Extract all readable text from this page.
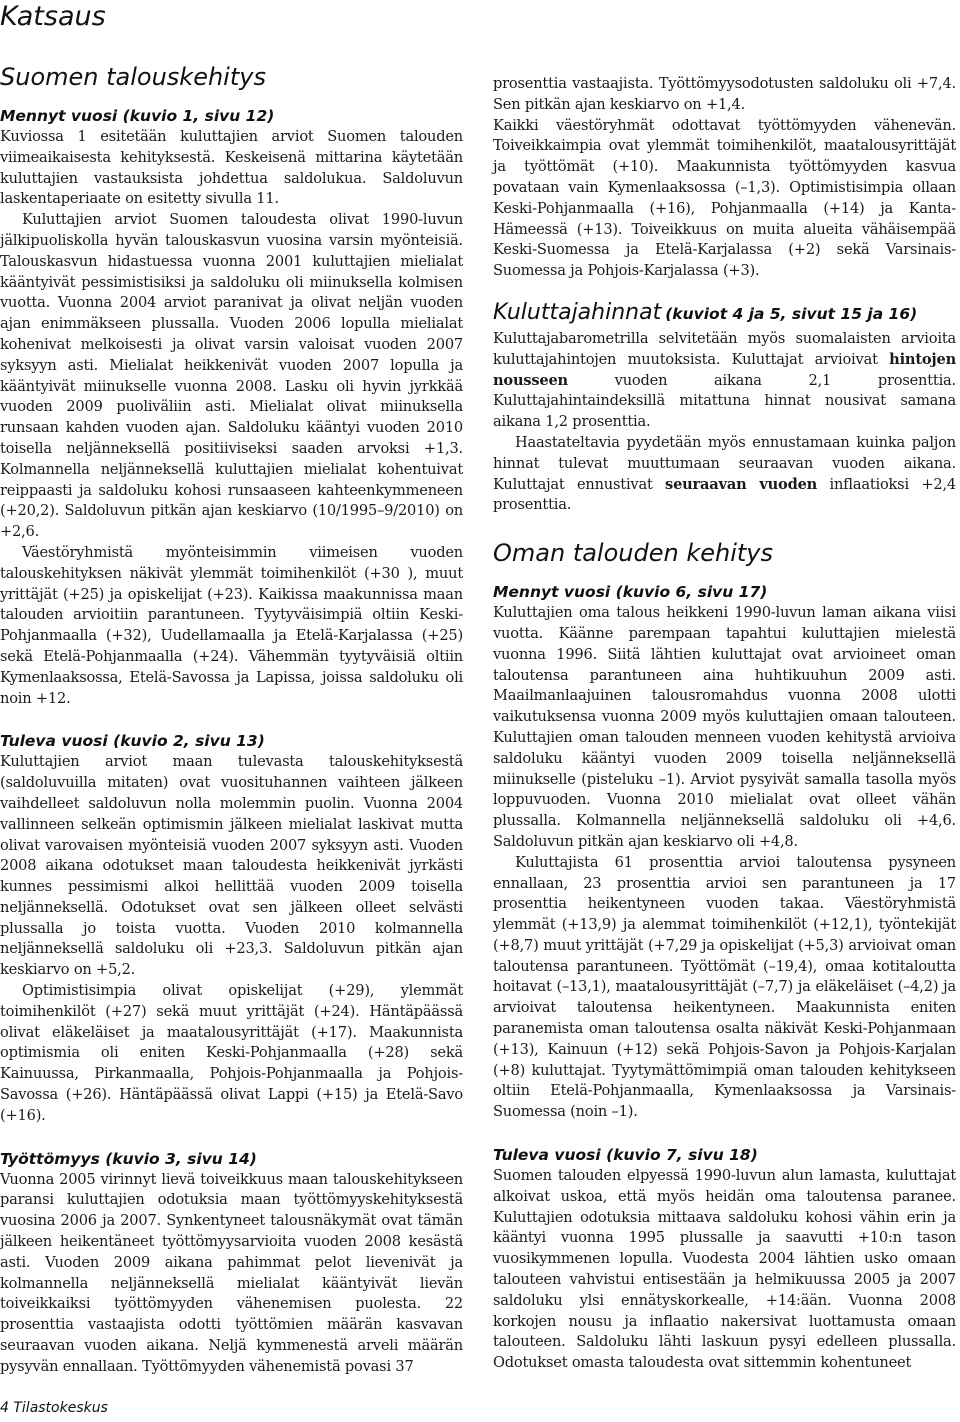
Katsaus
Suomen talouskehitys
Mennyt vuosi (kuvio 1, sivu 12)

Kuviossa 1 esitetään kuluttajien arviot Suomen talouden viimeaikaisesta kehityksestä. Keskeisenä mittarina käytetään kuluttajien vastauksista johdettua saldolukua. Saldoluvun laskentaperiaate on esitetty sivulla 11.

Kuluttajien arviot Suomen taloudesta olivat 1990-luvun jälkipuoliskolla hyvän talouskasvun vuosina varsin myönteisiä. Talouskasvun hidastuessa vuonna 2001 kuluttajien mielialat kääntyivät pessimistisiksi ja saldoluku oli miinuksella kolmisen vuotta. Vuonna 2004 arviot paranivat ja olivat neljän vuoden ajan enimmäkseen plussalla. Vuoden 2006 lopulla mielialat kohenivat melkoisesti ja olivat varsin valoisat vuoden 2007 syksyyn asti. Mielialat heikkenivät vuoden 2007 lopulla ja kääntyivät miinukselle vuonna 2008. Lasku oli hyvin jyrkkää vuoden 2009 puoliväliin asti. Mielialat olivat miinuksella runsaan kahden vuoden ajan. Saldoluku kääntyi vuoden 2010 toisella neljänneksellä positiiviseksi saaden arvoksi +1,3. Kolmannella neljänneksellä kuluttajien mielialat kohentuivat reippaasti ja saldoluku kohosi runsaaseen kahteenkymmeneen (+20,2). Saldoluvun pitkän ajan keskiarvo (10/1995–9/2010) on +2,6.

Väestöryhmistä myönteisimmin viimeisen vuoden talouskehityksen näkivät ylemmät toimihenkilöt (+30 ), muut yrittäjät (+25) ja opiskelijat (+23). Kaikissa maakunnissa maan talouden arvioitiin parantuneen. Tyytyväisimpiä oltiin Keski-Pohjanmaalla (+32), Uudellamaalla ja Etelä-Karjalassa (+25) sekä Etelä-Pohjanmaalla (+24). Vähemmän tyytyväisiä oltiin Kymenlaaksossa, Etelä-Savossa ja Lapissa, joissa saldoluku oli noin +12.

Tuleva vuosi (kuvio 2, sivu 13)

Kuluttajien arviot maan tulevasta talouskehityksestä (saldoluvuilla mitaten) ovat vuosituhannen vaihteen jälkeen vaihdelleet saldoluvun nolla molemmin puolin. Vuonna 2004 vallinneen selkeän optimismin jälkeen mielialat laskivat mutta olivat varovaisen myönteisiä vuoden 2007 syksyyn asti. Vuoden 2008 aikana odotukset maan taloudesta heikkenivät jyrkästi kunnes pessimismi alkoi hellittää vuoden 2009 toisella neljänneksellä. Odotukset ovat sen jälkeen olleet selvästi plussalla jo toista vuotta. Vuoden 2010 kolmannella neljänneksellä saldoluku oli +23,3. Saldoluvun pitkän ajan keskiarvo on +5,2.

Optimistisimpia olivat opiskelijat (+29), ylemmät toimihenkilöt (+27) sekä muut yrittäjät (+24). Häntäpäässä olivat eläkeläiset ja maatalousyrittäjät (+17). Maakunnista optimismia oli eniten Keski-Pohjanmaalla (+28) sekä Kainuussa, Pirkanmaalla, Pohjois-Pohjanmaalla ja Pohjois-Savossa (+26). Häntäpäässä olivat Lappi (+15) ja Etelä-Savo (+16).

Työttömyys (kuvio 3, sivu 14)

Vuonna 2005 virinnyt lievä toiveikkuus maan talouskehitykseen paransi kuluttajien odotuksia maan työttömyyskehityksestä vuosina 2006 ja 2007. Synkentyneet talousnäkymät ovat tämän jälkeen heikentäneet työttömyysarvioita vuoden 2008 kesästä asti. Vuoden 2009 aikana pahimmat pelot lievenivät ja kolmannella neljänneksellä mielialat kääntyivät lievän toiveikkaiksi työttömyyden vähenemisen puolesta. 22 prosenttia vastaajista odotti työttömien määrän kasvavan seuraavan vuoden aikana. Neljä kymmenestä arveli määrän pysyvän ennallaan. Työttömyyden vähenemistä povasi 37

prosenttia vastaajista. Työttömyysodotusten saldoluku oli +7,4. Sen pitkän ajan keskiarvo on +1,4.

Kaikki väestöryhmät odottavat työttömyyden vähenevän. Toiveikkaimpia ovat ylemmät toimihenkilöt, maatalousyrittäjät ja työttömät (+10). Maakunnista työttömyyden kasvua povataan vain Kymenlaaksossa (–1,3). Optimistisimpia ollaan Keski-Pohjanmaalla (+16), Pohjanmaalla (+14) ja Kanta-Hämeessä (+13). Toiveikkuus on muita alueita vähäisempää Keski-Suomessa ja Etelä-Karjalassa (+2) sekä Varsinais-Suomessa ja Pohjois-Karjalassa (+3).

Kuluttajahinnat (kuviot 4 ja 5, sivut 15 ja 16)

Kuluttajabarometrilla selvitetään myös suomalaisten arvioita kuluttajahintojen muutoksista. Kuluttajat arvioivat hintojen nousseen vuoden aikana 2,1 prosenttia. Kuluttajahintaindeksillä mitattuna hinnat nousivat samana aikana 1,2 prosenttia.

Haastateltavia pyydetään myös ennustamaan kuinka paljon hinnat tulevat muuttumaan seuraavan vuoden aikana. Kuluttajat ennustivat seuraavan vuoden inflaatioksi +2,4 prosenttia.

Oman talouden kehitys
Mennyt vuosi (kuvio 6, sivu 17)

Kuluttajien oma talous heikkeni 1990-luvun laman aikana viisi vuotta. Käänne parempaan tapahtui kuluttajien mielestä vuonna 1996. Siitä lähtien kuluttajat ovat arvioineet oman taloutensa parantuneen aina huhtikuuhun 2009 asti. Maailmanlaajuinen talousromahdus vuonna 2008 ulotti vaikutuksensa vuonna 2009 myös kuluttajien omaan talouteen. Kuluttajien oman talouden menneen vuoden kehitystä arvioiva saldoluku kääntyi vuoden 2009 toisella neljänneksellä miinukselle (pisteluku –1). Arviot pysyivät samalla tasolla myös loppuvuoden. Vuonna 2010 mielialat ovat olleet vähän plussalla. Kolmannella neljänneksellä saldoluku oli +4,6. Saldoluvun pitkän ajan keskiarvo oli +4,8.

Kuluttajista 61 prosenttia arvioi taloutensa pysyneen ennallaan, 23 prosenttia arvioi sen parantuneen ja 17 prosenttia heikentyneen vuoden takaa. Väestöryhmistä ylemmät (+13,9) ja alemmat toimihenkilöt (+12,1), työntekijät (+8,7) muut yrittäjät (+7,29 ja opiskelijat (+5,3) arvioivat oman taloutensa parantuneen. Työttömät (–19,4), omaa kotitaloutta hoitavat (–13,1), maatalousyrittäjät (–7,7) ja eläkeläiset (–4,2) ja arvioivat taloutensa heikentyneen. Maakunnista eniten paranemista oman taloutensa osalta näkivät Keski-Pohjanmaan (+13), Kainuun (+12) sekä Pohjois-Savon ja Pohjois-Karjalan (+8) kuluttajat. Tyytymättömimpiä oman talouden kehitykseen oltiin Etelä-Pohjanmaalla, Kymenlaaksossa ja Varsinais-Suomessa (noin –1).

Tuleva vuosi (kuvio 7, sivu 18)

Suomen talouden elpyessä 1990-luvun alun lamasta, kuluttajat alkoivat uskoa, että myös heidän oma taloutensa paranee. Kuluttajien odotuksia mittaava saldoluku kohosi vähin erin ja kääntyi vuonna 1995 plussalle ja saavutti +10:n tason vuosikymmenen lopulla. Vuodesta 2004 lähtien usko omaan talouteen vahvistui entisestään ja helmikuussa 2005 ja 2007 saldoluku ylsi ennätyskorkealle, +14:ään. Vuonna 2008 korkojen nousu ja inflaatio nakersivat luottamusta omaan talouteen. Saldoluku lähti laskuun pysyi edelleen plussalla. Odotukset omasta taloudesta ovat sittemmin kohentuneet

4 Tilastokeskus
